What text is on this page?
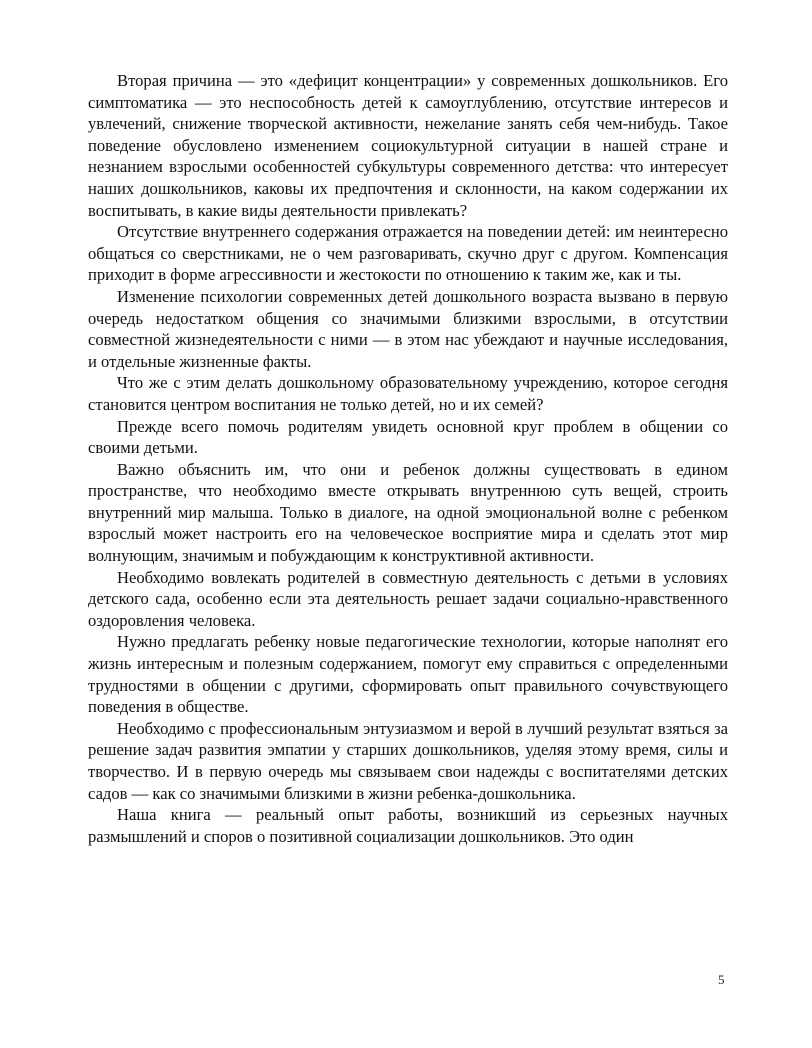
Вторая причина — это «дефицит концентрации» у современных дошкольников. Его симптоматика — это неспособность детей к самоуглублению, отсутствие интересов и увлечений, снижение творческой активности, нежелание занять себя чем-нибудь. Такое поведение обусловлено изменением социокультурной ситуации в нашей стране и незнанием взрослыми особенностей субкультуры современного детства: что интересует наших дошкольников, каковы их предпочтения и склонности, на каком содержании их воспитывать, в какие виды деятельности привлекать?

Отсутствие внутреннего содержания отражается на поведении детей: им неинтересно общаться со сверстниками, не о чем разговаривать, скучно друг с другом. Компенсация приходит в форме агрессивности и жестокости по отношению к таким же, как и ты.

Изменение психологии современных детей дошкольного возраста вызвано в первую очередь недостатком общения со значимыми близкими взрослыми, в отсутствии совместной жизнедеятельности с ними — в этом нас убеждают и научные исследования, и отдельные жизненные факты.

Что же с этим делать дошкольному образовательному учреждению, которое сегодня становится центром воспитания не только детей, но и их семей?

Прежде всего помочь родителям увидеть основной круг проблем в общении со своими детьми.

Важно объяснить им, что они и ребенок должны существовать в едином пространстве, что необходимо вместе открывать внутреннюю суть вещей, строить внутренний мир малыша. Только в диалоге, на одной эмоциональной волне с ребенком взрослый может настроить его на человеческое восприятие мира и сделать этот мир волнующим, значимым и побуждающим к конструктивной активности.

Необходимо вовлекать родителей в совместную деятельность с детьми в условиях детского сада, особенно если эта деятельность решает задачи социально-нравственного оздоровления человека.

Нужно предлагать ребенку новые педагогические технологии, которые наполнят его жизнь интересным и полезным содержанием, помогут ему справиться с определенными трудностями в общении с другими, сформировать опыт правильного сочувствующего поведения в обществе.

Необходимо с профессиональным энтузиазмом и верой в лучший результат взяться за решение задач развития эмпатии у старших дошкольников, уделяя этому время, силы и творчество. И в первую очередь мы связываем свои надежды с воспитателями детских садов — как со значимыми близкими в жизни ребенка-дошкольника.

Наша книга — реальный опыт работы, возникший из серьезных научных размышлений и споров о позитивной социализации дошкольников. Это один

5
